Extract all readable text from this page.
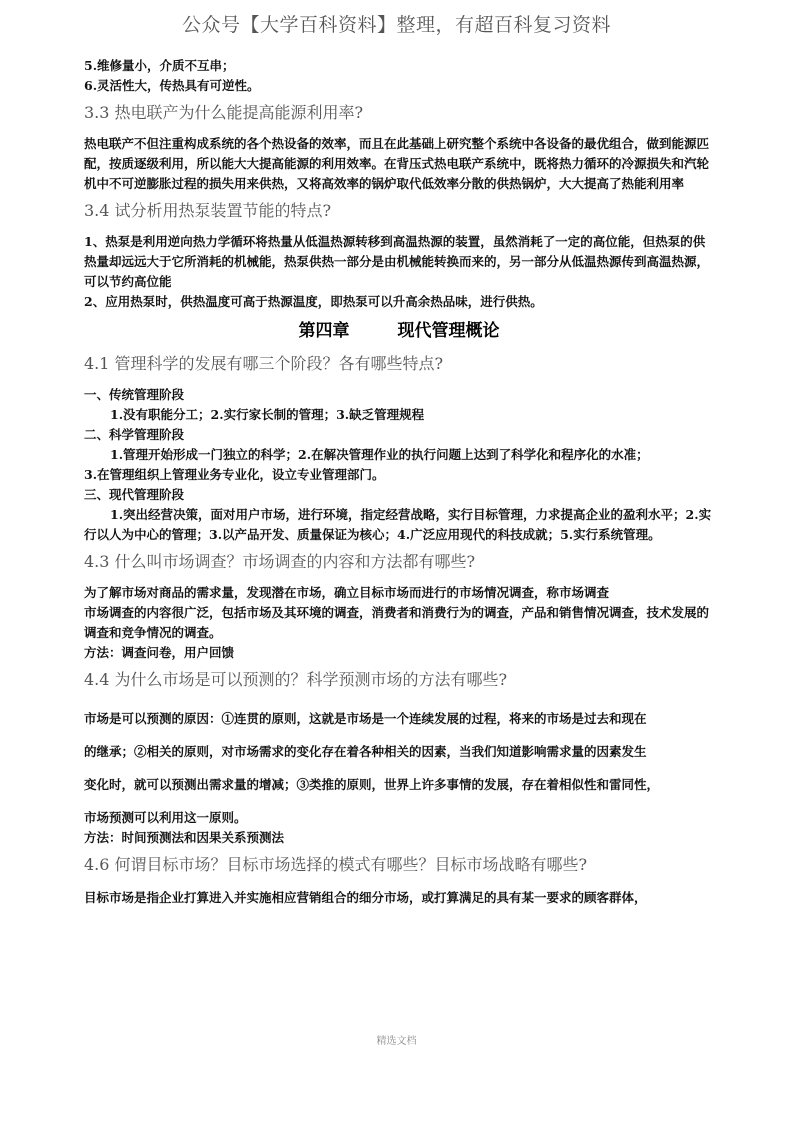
公众号【大学百科资料】整理，有超百科复习资料

5.维修量小，介质不互串；

6.灵活性大，传热具有可逆性。

3.3 热电联产为什么能提高能源利用率?

热电联产不但注重构成系统的各个热设备的效率，而且在此基础上研究整个系统中各设备的最优组合，做到能源匹配，按质逐级利用，所以能大大提高能源的利用效率。在背压式热电联产系统中，既将热力循环的冷源损失和汽轮机中不可逆膨胀过程的损失用来供热，又将高效率的锅炉取代低效率分散的供热锅炉，大大提高了热能利用率

3.4 试分析用热泵装置节能的特点?

1、热泵是利用逆向热力学循环将热量从低温热源转移到高温热源的装置，虽然消耗了一定的高位能，但热泵的供热量却远远大于它所消耗的机械能，热泵供热一部分是由机械能转换而来的，另一部分从低温热源传到高温热源，可以节约高位能

2、应用热泵时，供热温度可高于热源温度，即热泵可以升高余热品味，进行供热。

第四章	现代管理概论
4.1 管理科学的发展有哪三个阶段？各有哪些特点?

一、传统管理阶段

1.没有职能分工；2.实行家长制的管理；3.缺乏管理规程

二、科学管理阶段

1.管理开始形成一门独立的科学；2.在解决管理作业的执行问题上达到了科学化和程序化的水准；

3.在管理组织上管理业务专业化，设立专业管理部门。

三、现代管理阶段

1.突出经营决策，面对用户市场，进行环境，指定经营战略，实行目标管理，力求提高企业的盈利水平；2.实行以人为中心的管理；3.以产品开发、质量保证为核心；4.广泛应用现代的科技成就；5.实行系统管理。

4.3 什么叫市场调查？市场调查的内容和方法都有哪些?

为了解市场对商品的需求量，发现潜在市场，确立目标市场而进行的市场情况调查，称市场调查

市场调查的内容很广泛，包括市场及其环境的调查，消费者和消费行为的调查，产品和销售情况调查，技术发展的调查和竞争情况的调查。

方法：调查问卷，用户回馈

4.4 为什么市场是可以预测的？科学预测市场的方法有哪些?

市场是可以预测的原因：①连贯的原则，这就是市场是一个连续发展的过程，将来的市场是过去和现在

的继承；②相关的原则，对市场需求的变化存在着各种相关的因素，当我们知道影响需求量的因素发生

变化时，就可以预测出需求量的增减；③类推的原则，世界上许多事情的发展，存在着相似性和雷同性，

市场预测可以利用这一原则。

方法：时间预测法和因果关系预测法

4.6 何谓目标市场？目标市场选择的模式有哪些？目标市场战略有哪些?

目标市场是指企业打算进入并实施相应营销组合的细分市场，或打算满足的具有某一要求的顾客群体，

精选文档
